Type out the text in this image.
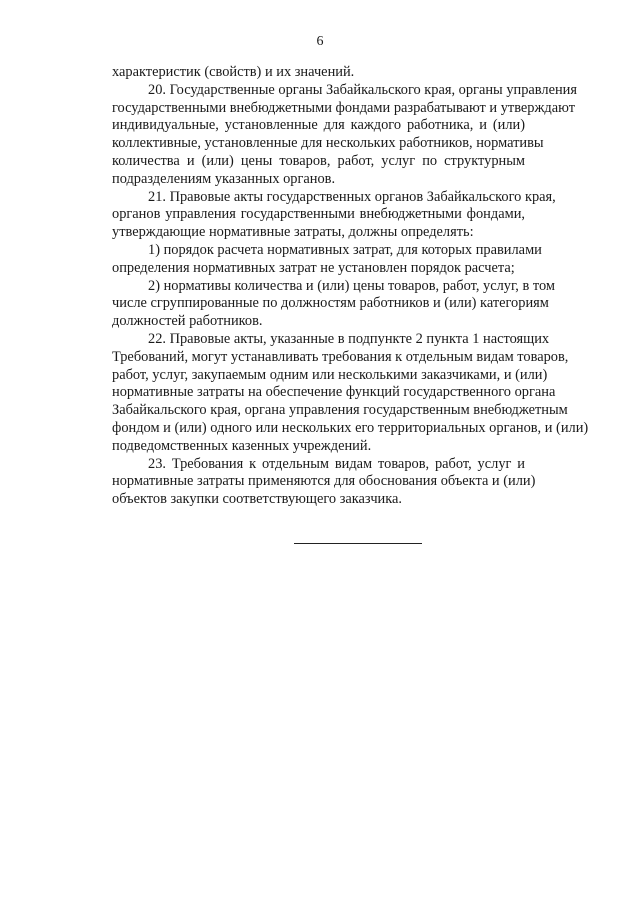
6
характеристик (свойств) и их значений.
20. Государственные органы Забайкальского края, органы управления
государственными внебюджетными фондами разрабатывают и утверждают
индивидуальные, установленные для каждого работника, и (или)
коллективные, установленные для нескольких работников, нормативы
количества и (или) цены товаров, работ, услуг по структурным
подразделениям указанных органов.
21. Правовые акты государственных органов Забайкальского края,
органов управления государственными внебюджетными фондами,
утверждающие нормативные затраты, должны определять:
1) порядок расчета нормативных затрат, для которых правилами
определения нормативных затрат не установлен порядок расчета;
2) нормативы количества и (или) цены товаров, работ, услуг, в том
числе сгруппированные по должностям работников и (или) категориям
должностей работников.
22. Правовые акты, указанные в подпункте 2 пункта 1 настоящих
Требований, могут устанавливать требования к отдельным видам товаров,
работ, услуг, закупаемым одним или несколькими заказчиками, и (или)
нормативные затраты на обеспечение функций государственного органа
Забайкальского края, органа управления государственным внебюджетным
фондом и (или) одного или нескольких его территориальных органов, и (или)
подведомственных казенных учреждений.
23. Требования к отдельным видам товаров, работ, услуг и
нормативные затраты применяются для обоснования объекта и (или)
объектов закупки соответствующего заказчика.
